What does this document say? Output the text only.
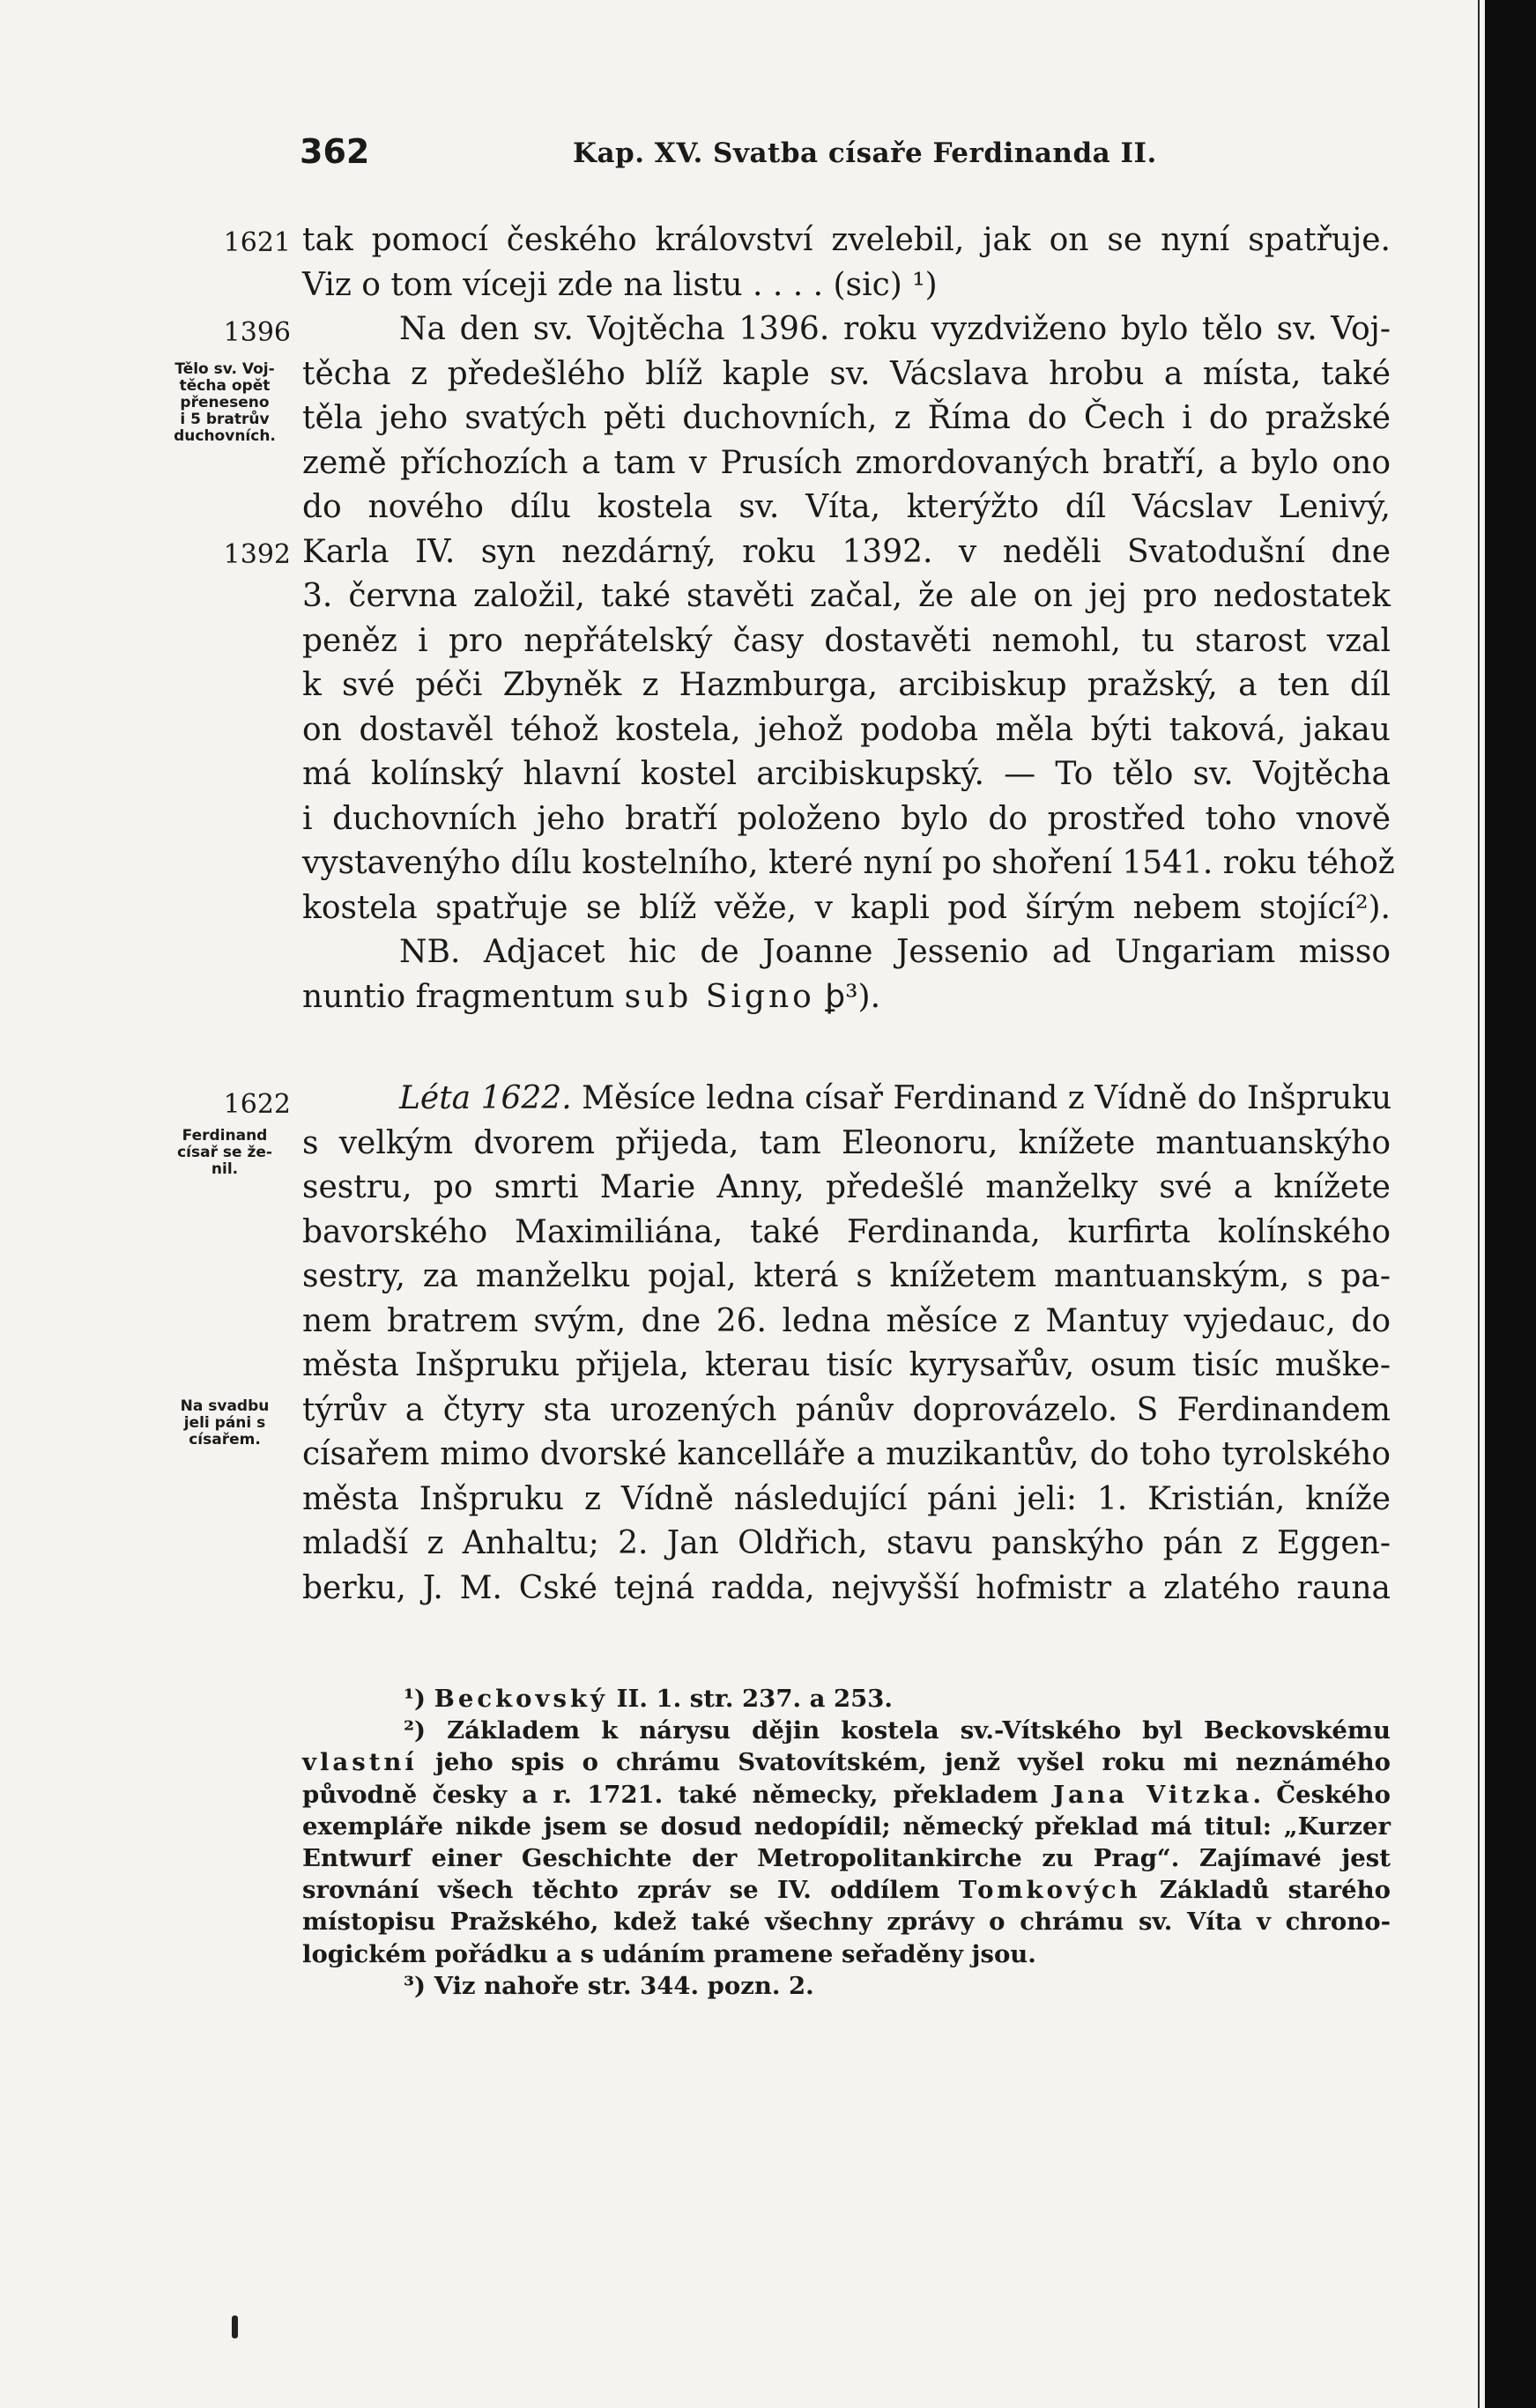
362	Kap. XV. Svatba císaře Ferdinanda II.
1621
1396
1392
1622
Tělo sv. Voj-
těcha opět
přeneseno
i 5 bratrův
duchovních.
Ferdinand
císař se že-
nil.
Na svadbu
jeli páni s
císařem.
tak pomocí českého království zvelebil, jak on se nyní spatřuje.
Viz o tom víceji zde na listu . . . . (sic) ¹)
Na den sv. Vojtěcha 1396. roku vyzdviženo bylo tělo sv. Voj-
těcha z předešlého blíž kaple sv. Vácslava hrobu a místa, také
těla jeho svatých pěti duchovních, z Říma do Čech i do pražské
země příchozích a tam v Prusích zmordovaných bratří, a bylo ono
do nového dílu kostela sv. Víta, kterýžto díl Vácslav Lenivý,
Karla IV. syn nezdárný, roku 1392. v neděli Svatodušní dne
3. června založil, také stavěti začal, že ale on jej pro nedostatek
peněz i pro nepřátelský časy dostavěti nemohl, tu starost vzal
k své péči Zbyněk z Hazmburga, arcibiskup pražský, a ten díl
on dostavěl téhož kostela, jehož podoba měla býti taková, jakau
má kolínský hlavní kostel arcibiskupský. — To tělo sv. Vojtěcha
i duchovních jeho bratří položeno bylo do prostřed toho vnově
vystavenýho dílu kostelního, které nyní po shoření 1541. roku téhož
kostela spatřuje se blíž věže, v kapli pod šírým nebem stojící²).
NB. Adjacet hic de Joanne Jessenio ad Ungariam misso
nuntio fragmentum sub Signo ꝧ³).
Léta 1622. Měsíce ledna císař Ferdinand z Vídně do Inšpruku
s velkým dvorem přijeda, tam Eleonoru, knížete mantuanskýho
sestru, po smrti Marie Anny, předešlé manželky své a knížete
bavorského Maximiliána, také Ferdinanda, kurfirta kolínského
sestry, za manželku pojal, která s knížetem mantuanským, s pa-
nem bratrem svým, dne 26. ledna měsíce z Mantuy vyjedauc, do
města Inšpruku přijela, kterau tisíc kyrysařův, osum tisíc muške-
týrův a čtyry sta urozených pánův doprovázelo. S Ferdinandem
císařem mimo dvorské kancelláře a muzikantův, do toho tyrolského
města Inšpruku z Vídně následující páni jeli: 1. Kristián, kníže
mladší z Anhaltu; 2. Jan Oldřich, stavu panskýho pán z Eggen-
berku, J. M. Cské tejná radda, nejvyšší hofmistr a zlatého rauna
¹) Beckovský II. 1. str. 237. a 253.
²) Základem k nárysu dějin kostela sv.-Vítského byl Beckovskému
vlastní jeho spis o chrámu Svatovítském, jenž vyšel roku mi neznámého
původně česky a r. 1721. také německy, překladem Jana Vitzka. Českého
exempláře nikde jsem se dosud nedopídil; německý překlad má titul: „Kurzer
Entwurf einer Geschichte der Metropolitankirche zu Prag“. Zajímavé jest
srovnání všech těchto zpráv se IV. oddílem Tomkových Základů starého
místopisu Pražského, kdež také všechny zprávy o chrámu sv. Víta v chrono-
logickém pořádku a s udáním pramene seřaděny jsou.
³) Viz nahoře str. 344. pozn. 2.
